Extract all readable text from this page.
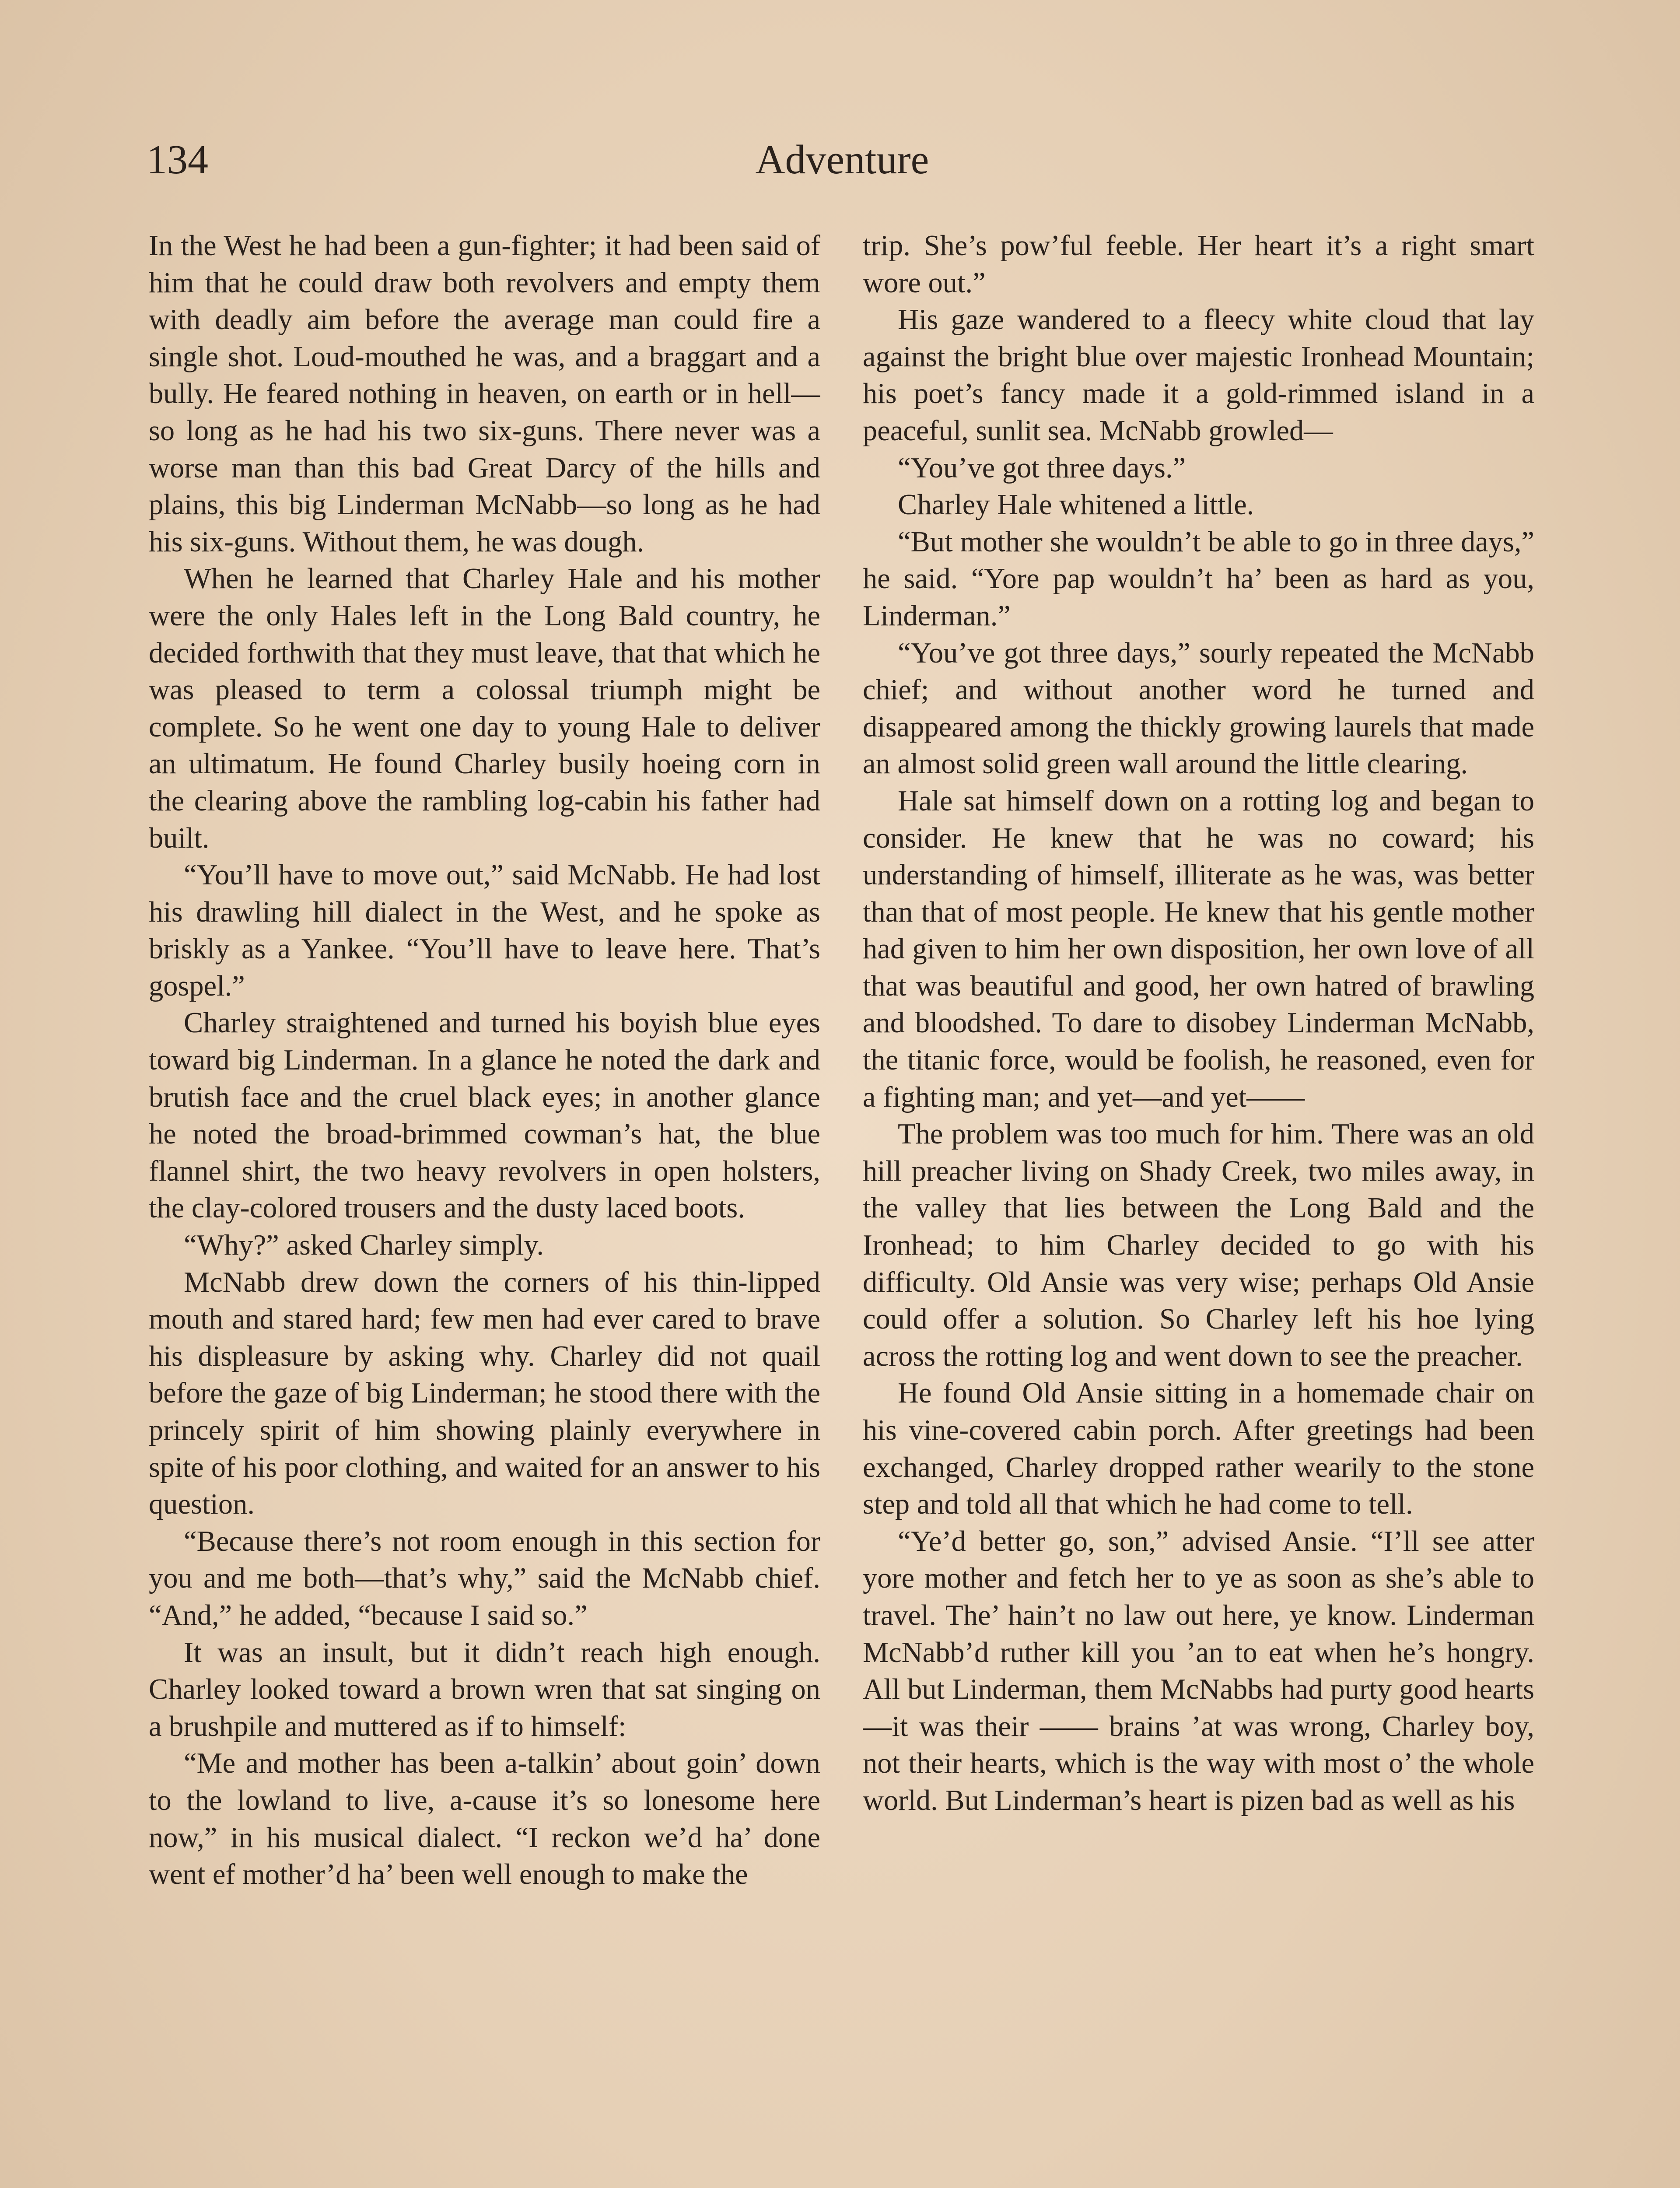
134	Adventure

In the West he had been a gun-fighter; it had been said of him that he could draw both revolvers and empty them with deadly aim before the average man could fire a single shot. Loud-mouthed he was, and a braggart and a bully. He feared nothing in heaven, on earth or in hell—so long as he had his two six-guns. There never was a worse man than this bad Great Darcy of the hills and plains, this big Linderman McNabb—so long as he had his six-guns. Without them, he was dough.

When he learned that Charley Hale and his mother were the only Hales left in the Long Bald country, he decided forthwith that they must leave, that that which he was pleased to term a colossal triumph might be complete. So he went one day to young Hale to deliver an ultimatum. He found Charley busily hoeing corn in the clearing above the rambling log-cabin his father had built.

“You’ll have to move out,” said McNabb. He had lost his drawling hill dialect in the West, and he spoke as briskly as a Yankee. “You’ll have to leave here. That’s gospel.”

Charley straightened and turned his boyish blue eyes toward big Linderman. In a glance he noted the dark and brutish face and the cruel black eyes; in another glance he noted the broad-brimmed cowman’s hat, the blue flannel shirt, the two heavy revolvers in open holsters, the clay-colored trousers and the dusty laced boots.

“Why?” asked Charley simply.

McNabb drew down the corners of his thin-lipped mouth and stared hard; few men had ever cared to brave his displeasure by asking why. Charley did not quail before the gaze of big Linderman; he stood there with the princely spirit of him showing plainly everywhere in spite of his poor clothing, and waited for an answer to his question.

“Because there’s not room enough in this section for you and me both—that’s why,” said the McNabb chief. “And,” he added, “because I said so.”

It was an insult, but it didn’t reach high enough. Charley looked toward a brown wren that sat singing on a brushpile and muttered as if to himself:

“Me and mother has been a-talkin’ about goin’ down to the lowland to live, a-cause it’s so lonesome here now,” in his musical dialect. “I reckon we’d ha’ done went ef mother’d ha’ been well enough to make the

trip. She’s pow’ful feeble. Her heart it’s a right smart wore out.”

His gaze wandered to a fleecy white cloud that lay against the bright blue over majestic Ironhead Mountain; his poet’s fancy made it a gold-rimmed island in a peaceful, sunlit sea. McNabb growled—

“You’ve got three days.”

Charley Hale whitened a little.

“But mother she wouldn’t be able to go in three days,” he said. “Yore pap wouldn’t ha’ been as hard as you, Linderman.”

“You’ve got three days,” sourly repeated the McNabb chief; and without another word he turned and disappeared among the thickly growing laurels that made an almost solid green wall around the little clearing.

Hale sat himself down on a rotting log and began to consider. He knew that he was no coward; his understanding of himself, illiterate as he was, was better than that of most people. He knew that his gentle mother had given to him her own disposition, her own love of all that was beautiful and good, her own hatred of brawling and bloodshed. To dare to disobey Linderman McNabb, the titanic force, would be foolish, he reasoned, even for a fighting man; and yet—and yet——

The problem was too much for him. There was an old hill preacher living on Shady Creek, two miles away, in the valley that lies between the Long Bald and the Ironhead; to him Charley decided to go with his difficulty. Old Ansie was very wise; perhaps Old Ansie could offer a solution. So Charley left his hoe lying across the rotting log and went down to see the preacher.

He found Old Ansie sitting in a homemade chair on his vine-covered cabin porch. After greetings had been exchanged, Charley dropped rather wearily to the stone step and told all that which he had come to tell.

“Ye’d better go, son,” advised Ansie. “I’ll see atter yore mother and fetch her to ye as soon as she’s able to travel. The’ hain’t no law out here, ye know. Linderman McNabb’d ruther kill you ’an to eat when he’s hongry. All but Linderman, them McNabbs had purty good hearts—it was their —— brains ’at was wrong, Charley boy, not their hearts, which is the way with most o’ the whole world. But Linderman’s heart is pizen bad as well as his
